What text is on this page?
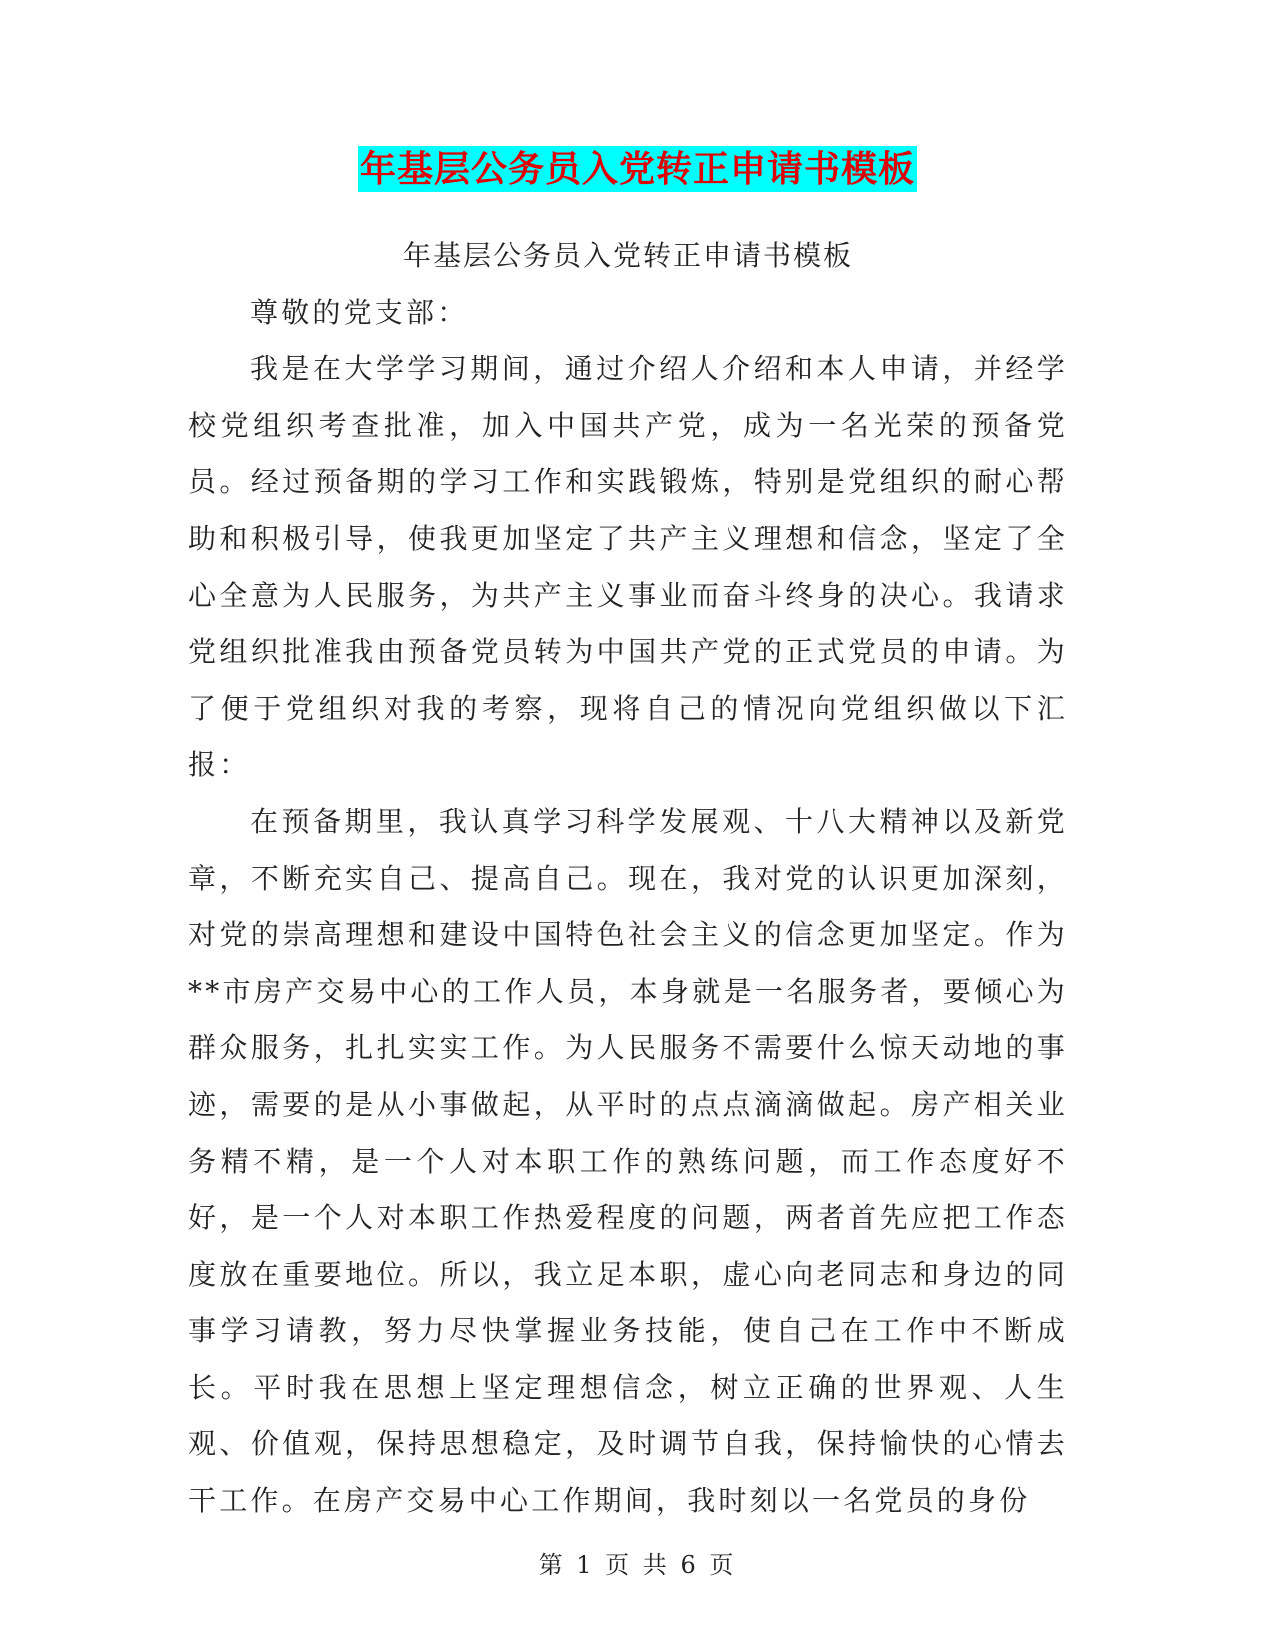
年基层公务员入党转正申请书模板

年基层公务员入党转正申请书模板

尊敬的党支部：

我是在大学学习期间，通过介绍人介绍和本人申请，并经学校党组织考查批准，加入中国共产党，成为一名光荣的预备党员。经过预备期的学习工作和实践锻炼，特别是党组织的耐心帮助和积极引导，使我更加坚定了共产主义理想和信念，坚定了全心全意为人民服务，为共产主义事业而奋斗终身的决心。我请求党组织批准我由预备党员转为中国共产党的正式党员的申请。为了便于党组织对我的考察，现将自己的情况向党组织做以下汇报：

在预备期里，我认真学习科学发展观、十八大精神以及新党章，不断充实自己、提高自己。现在，我对党的认识更加深刻，对党的崇高理想和建设中国特色社会主义的信念更加坚定。作为**市房产交易中心的工作人员，本身就是一名服务者，要倾心为群众服务，扎扎实实工作。为人民服务不需要什么惊天动地的事迹，需要的是从小事做起，从平时的点点滴滴做起。房产相关业务精不精，是一个人对本职工作的熟练问题，而工作态度好不好，是一个人对本职工作热爱程度的问题，两者首先应把工作态度放在重要地位。所以，我立足本职，虚心向老同志和身边的同事学习请教，努力尽快掌握业务技能，使自己在工作中不断成长。平时我在思想上坚定理想信念，树立正确的世界观、人生观、价值观，保持思想稳定，及时调节自我，保持愉快的心情去干工作。在房产交易中心工作期间，我时刻以一名党员的身份

第 1 页 共 6 页
